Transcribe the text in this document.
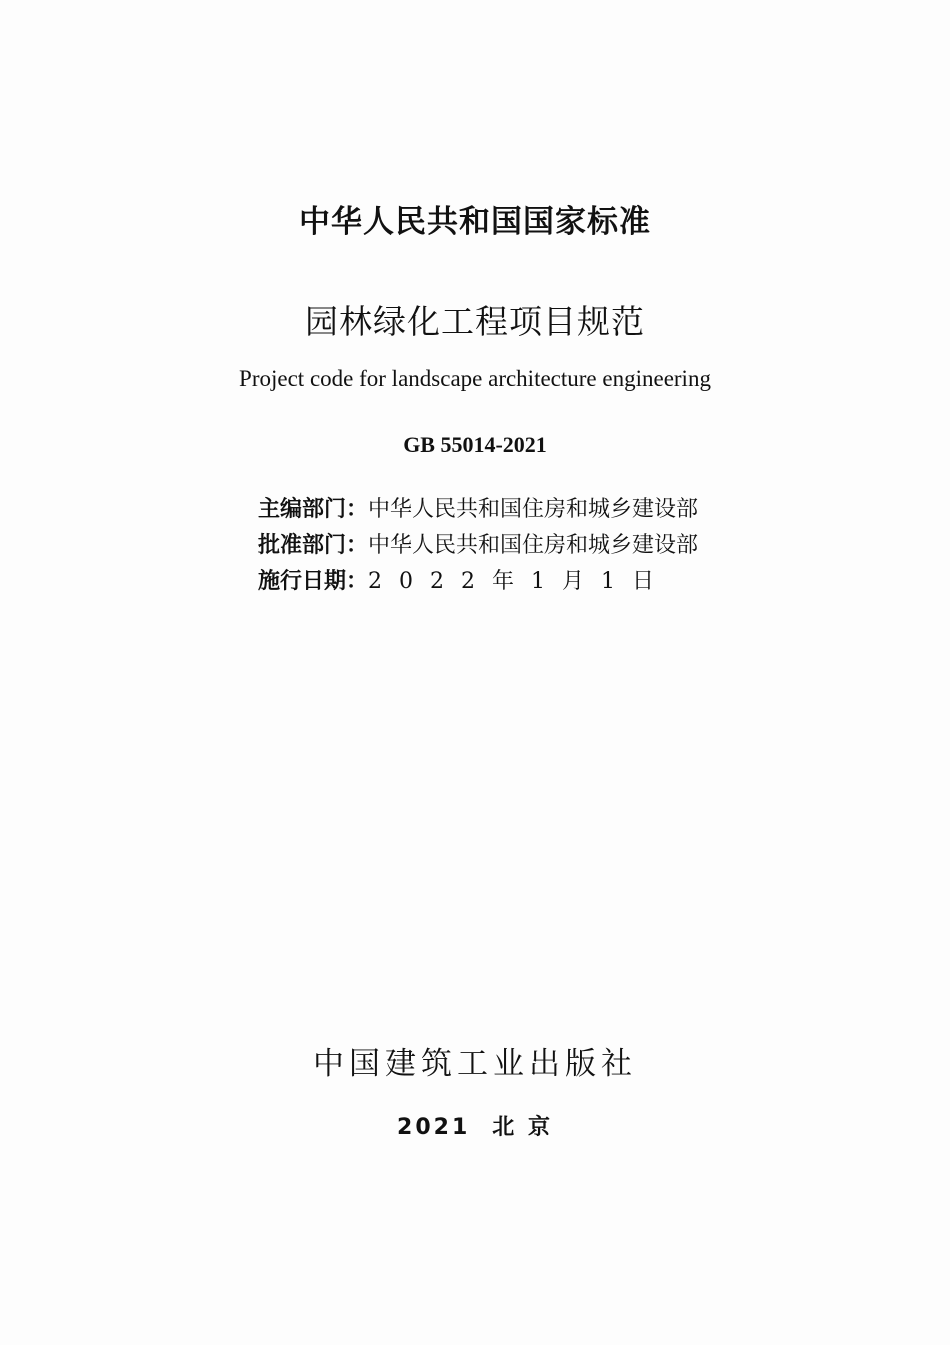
中华人民共和国国家标准
园林绿化工程项目规范
Project code for landscape architecture engineering
GB 55014-2021
主编部门：中华人民共和国住房和城乡建设部
批准部门：中华人民共和国住房和城乡建设部
施行日期：2022年1月1日
中国建筑工业出版社
2021 北 京
